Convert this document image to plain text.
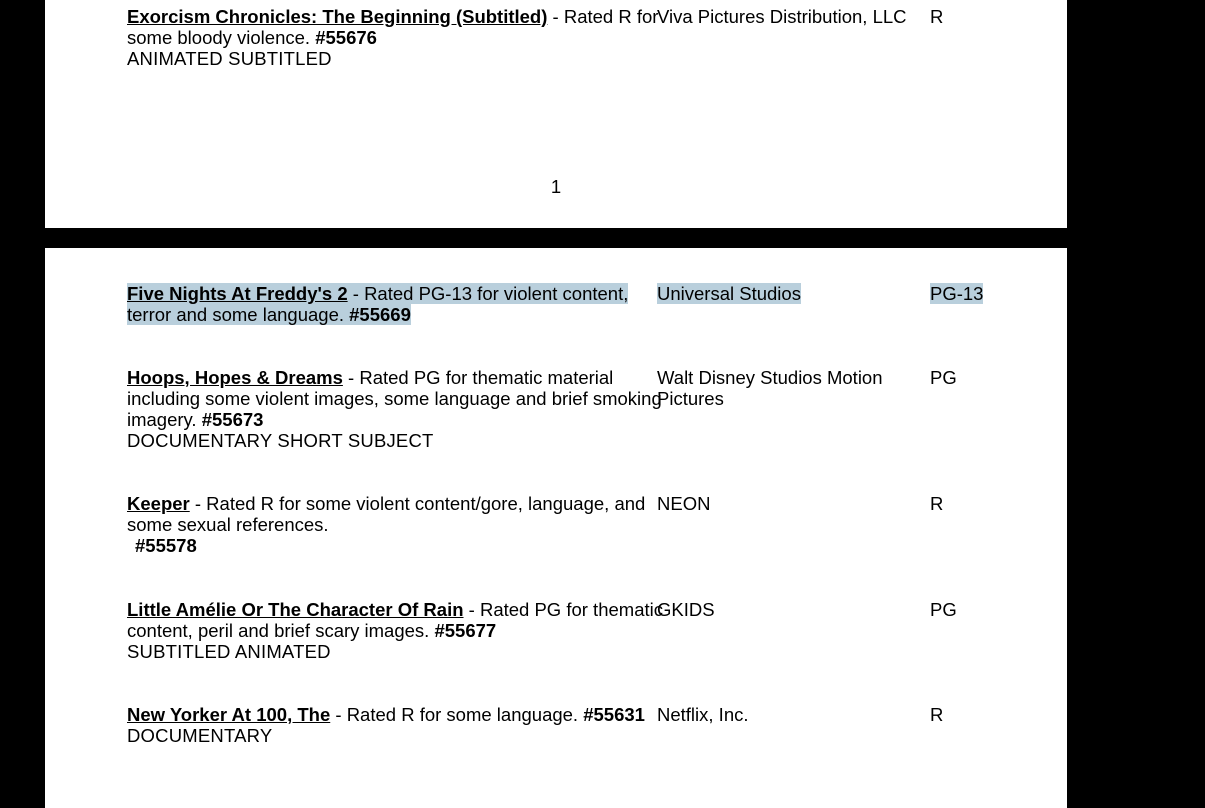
Exorcism Chronicles: The Beginning (Subtitled) - Rated R for some bloody violence. #55676
ANIMATED SUBTITLED
Viva Pictures Distribution, LLC	R
1
Five Nights At Freddy's 2 - Rated PG-13 for violent content, terror and some language. #55669
Universal Studios	PG-13
Hoops, Hopes & Dreams - Rated PG for thematic material including some violent images, some language and brief smoking imagery. #55673
DOCUMENTARY SHORT SUBJECT
Walt Disney Studios Motion Pictures
PG
Keeper - Rated R for some violent content/gore, language, and some sexual references.
#55578
NEON	R
Little Amélie Or The Character Of Rain - Rated PG for thematic content, peril and brief scary images. #55677
SUBTITLED ANIMATED
GKIDS	PG
New Yorker At 100, The - Rated R for some language. #55631
DOCUMENTARY
Netflix, Inc.	R
